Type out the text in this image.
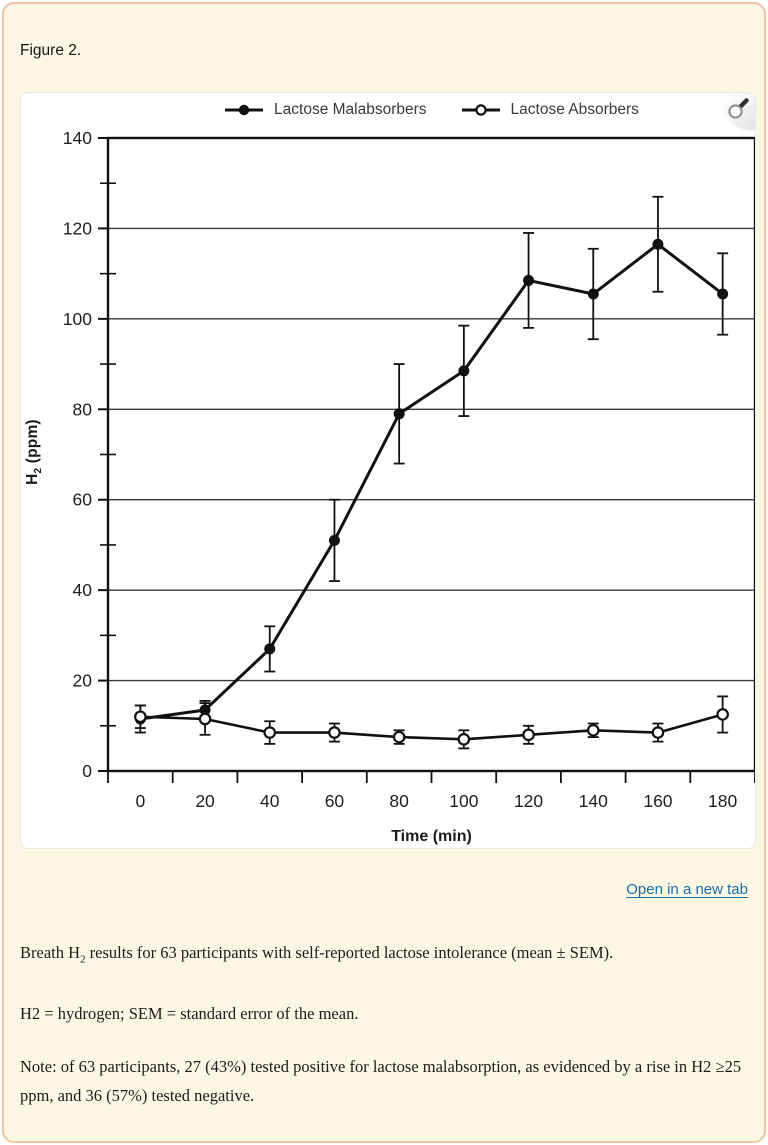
Figure 2.
Lactose Malabsorbers	Lactose Absorbers
0
20
40
60
80
100
120
140
0	20	40	60	80 100 120 140 160 180
Time (min)
$H_2$ (ppm)
Open in a new tab

Breath $H_2$ results for 63 participants with self-reported lactose intolerance (mean ± SEM).

H2 = hydrogen; SEM = standard error of the mean.

Note: of 63 participants, 27 (43%) tested positive for lactose malabsorption, as evidenced by a rise in H2 ≥25 ppm, and 36 (57%) tested negative.
